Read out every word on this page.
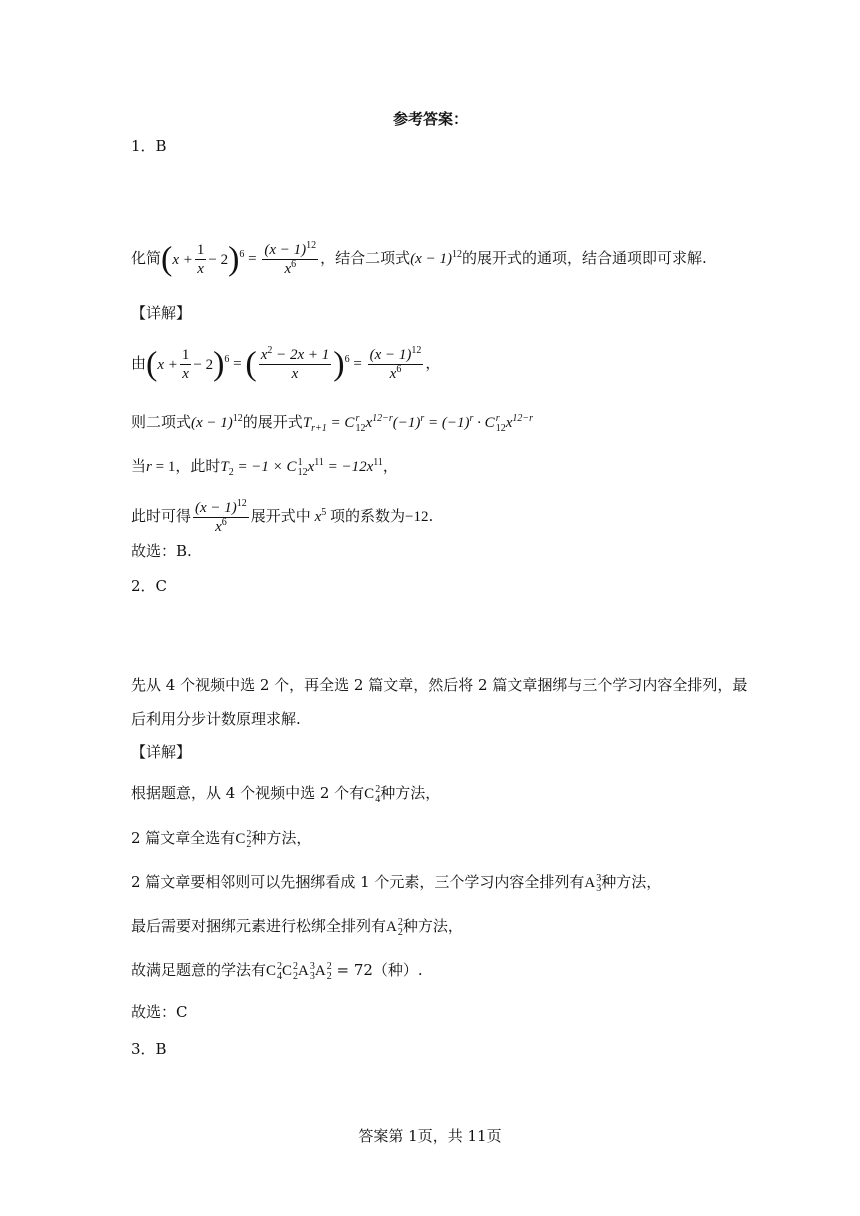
参考答案：
1．B
化简$(x + \frac{1}{x} - 2)^6 = \frac{(x - 1)^{12}}{x^6}$ ，结合二项式$(x - 1)^{12}$的展开式的通项，结合通项即可求解.
【详解】
由$(x + \frac{1}{x} - 2)^6$ = ( $\frac{x^2 - 2x + 1}{x} )^6 = \frac{(x - 1)^{12}}{x^6}$ ，
则二项式$(x - 1)^{12}$的展开式$T_{r+1} = C$ r
12 $x^{12-r}(-1)^r = (-1)^r \cdot C$ r
12 $x^{12-r}$
当r = 1，此时$T_2 = -1 \times C$ 1
12 $x^{11} = -12x^{11}$，
此时可得 $\frac{(x - 1)^{12}}{x^6}$ 展开式中 $x^5$ 项的系数为−12.
故选：B.
2．C
先从 4 个视频中选 2 个，再全选 2 篇文章，然后将 2 篇文章捆绑与三个学习内容全排列，最
后利用分步计数原理求解.
【详解】
根据题意，从 4 个视频中选 2 个有C 2
4 种方法，
2 篇文章全选有C 2
2 种方法，
2 篇文章要相邻则可以先捆绑看成 1 个元素，三个学习内容全排列有A 3
3 种方法，
最后需要对捆绑元素进行松绑全排列有A 2
2 种方法，
故满足题意的学法有C 2
4 C 2
2 A 3
3 A 2
2 = 72（种）.
故选：C
3．B
答案第 1页，共 11页
